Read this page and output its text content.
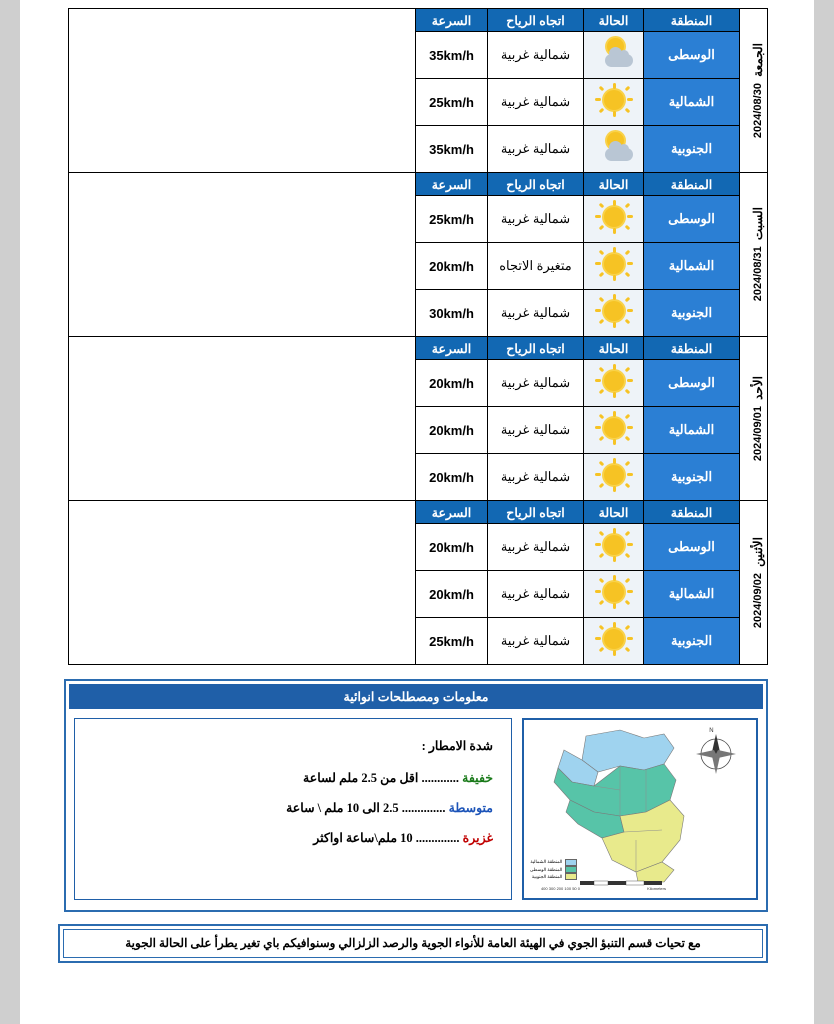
الجمعة  2024/08/30	المنطقة	الحالة	اتجاه الرياح	السرعة	الطقـس صحـو مـع بعض القطـع مـن الغيـوم ، درجـات الحرارة على العموم مقاربة ،مدى الرؤية (6-8) كم .

	الوسطى		شمالية غربية	35km/h	
	الشمالية		شمالية غربية	25km/h	
	الجنوبية		شمالية غربية	35km/h	

السبت  2024/08/31	المنطقة	الحالة	اتجاه الرياح	السرعة	الطقـس صحـو ، درجـات الحـرارة على العمـوم مقاربـة ، مدى الرؤية (8-10) كم .

	الوسطى		شمالية غربية	25km/h	
	الشمالية		متغيرة الاتجاه	20km/h	
	الجنوبية		شمالية غربية	30km/h	

الأحد  2024/09/01	المنطقة	الحالة	اتجاه الرياح	السرعة	الطقـس صحـو ، درجـات الحـرارة على العمـوم مقاربـة ، مدى الرؤية (6-8) كم .

	الوسطى		شمالية غربية	20km/h	
	الشمالية		شمالية غربية	20km/h	
	الجنوبية		شمالية غربية	20km/h	

الأثنين  2024/09/02	المنطقة	الحالة	اتجاه الرياح	السرعة	الطقـس صحـو مـع بعض القطـع مـن الغيـوم ، درجـات الحـرارة علـى العمـوم ترتفـع قلـيلا ، مـدى الرؤيـة (8-10) كم .

	الوسطى		شمالية غربية	20km/h	
	الشمالية		شمالية غربية	20km/h	
	الجنوبية		شمالية غربية	25km/h	
معلومات ومصطلحات انوائية
N
المنطقة الشمالية
المنطقة الوسطى
المنطقة الجنوبية
0 50 100 200 300 400	Kilometers
شدة الامطار :
خفيفة ............ اقل من 2.5 ملم لساعة
متوسطة .............. 2.5 الى 10 ملم \ ساعة
غزيرة .............. 10 ملم\ساعة اواكثر
مع تحيات قسم التنبؤ الجوي في الهيئة العامة للأنواء الجوية والرصد الزلزالي وسنوافيكم باي تغير يطرأ على الحالة الجوية
